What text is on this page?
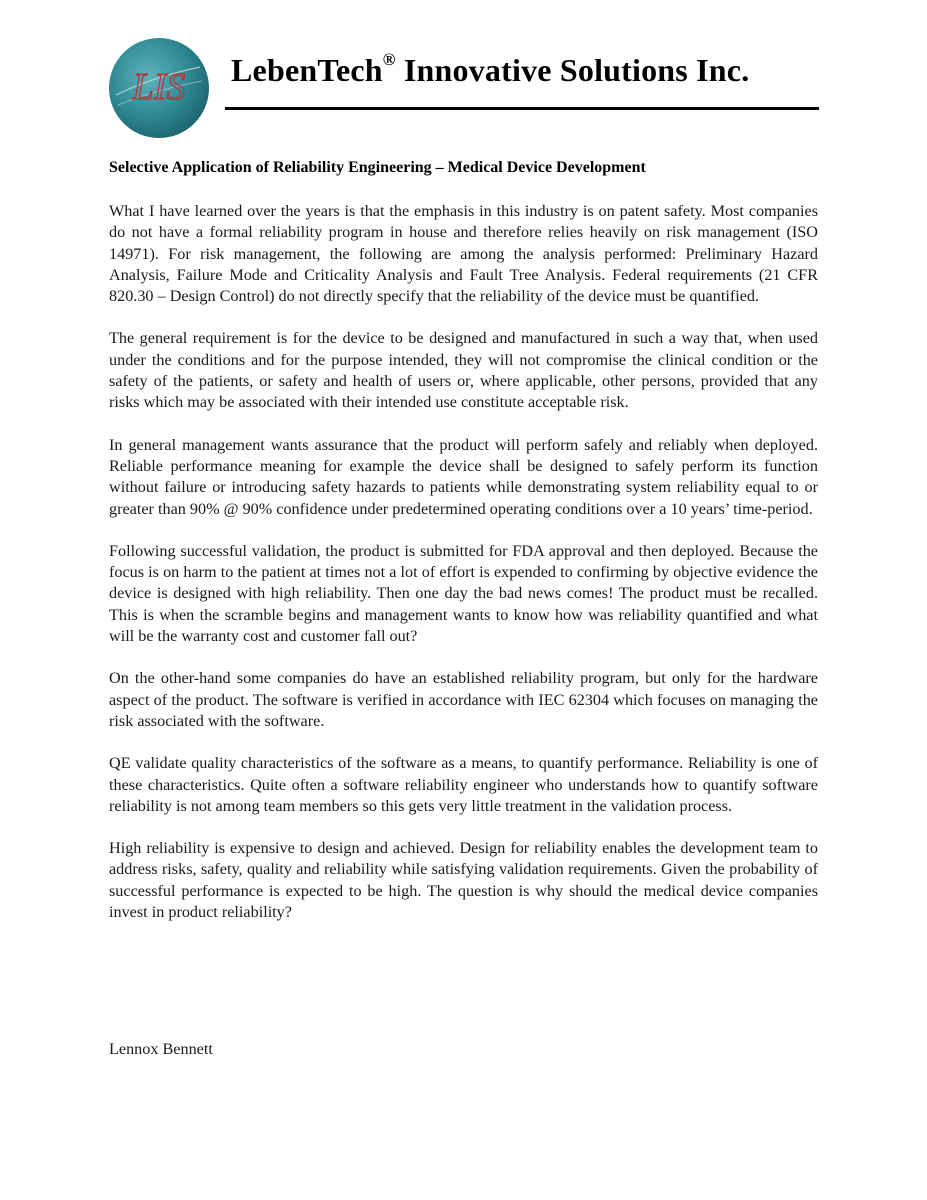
LIS LebenTech® Innovative Solutions Inc.
Selective Application of Reliability Engineering – Medical Device Development

What I have learned over the years is that the emphasis in this industry is on patent safety. Most companies do not have a formal reliability program in house and therefore relies heavily on risk management (ISO 14971). For risk management, the following are among the analysis performed: Preliminary Hazard Analysis, Failure Mode and Criticality Analysis and Fault Tree Analysis. Federal requirements (21 CFR 820.30 – Design Control) do not directly specify that the reliability of the device must be quantified.

The general requirement is for the device to be designed and manufactured in such a way that, when used under the conditions and for the purpose intended, they will not compromise the clinical condition or the safety of the patients, or safety and health of users or, where applicable, other persons, provided that any risks which may be associated with their intended use constitute acceptable risk.

In general management wants assurance that the product will perform safely and reliably when deployed. Reliable performance meaning for example the device shall be designed to safely perform its function without failure or introducing safety hazards to patients while demonstrating system reliability equal to or greater than 90% @ 90% confidence under predetermined operating conditions over a 10 years’ time-period.

Following successful validation, the product is submitted for FDA approval and then deployed. Because the focus is on harm to the patient at times not a lot of effort is expended to confirming by objective evidence the device is designed with high reliability. Then one day the bad news comes! The product must be recalled. This is when the scramble begins and management wants to know how was reliability quantified and what will be the warranty cost and customer fall out?

On the other-hand some companies do have an established reliability program, but only for the hardware aspect of the product. The software is verified in accordance with IEC 62304 which focuses on managing the risk associated with the software.

QE validate quality characteristics of the software as a means, to quantify performance. Reliability is one of these characteristics. Quite often a software reliability engineer who understands how to quantify software reliability is not among team members so this gets very little treatment in the validation process.

High reliability is expensive to design and achieved. Design for reliability enables the development team to address risks, safety, quality and reliability while satisfying validation requirements. Given the probability of successful performance is expected to be high. The question is why should the medical device companies invest in product reliability?

Lennox Bennett
